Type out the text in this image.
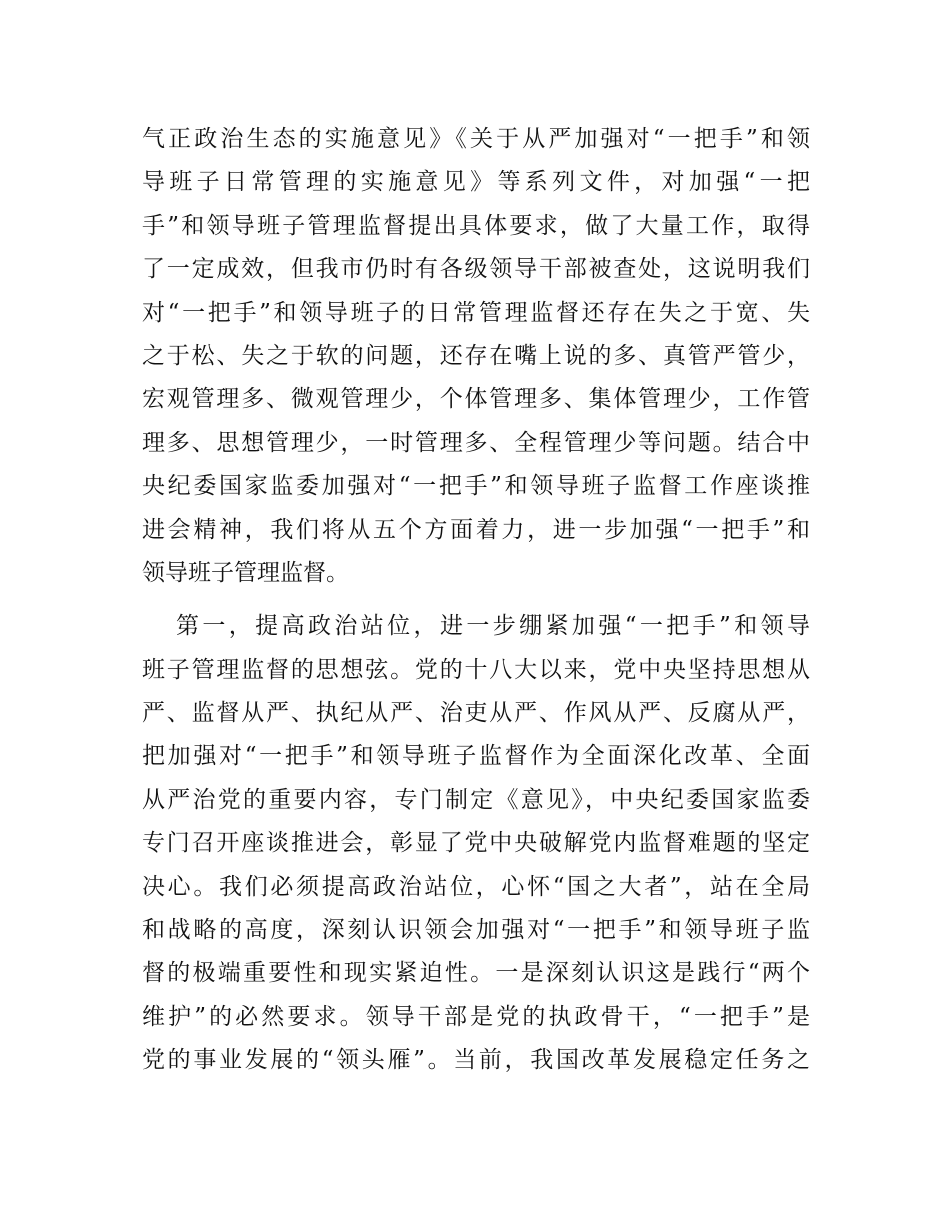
气正政治生态的实施意见》《关于从严加强对“一把手”和领
导班子日常管理的实施意见》等系列文件，对加强“一把
手”和领导班子管理监督提出具体要求，做了大量工作，取得
了一定成效，但我市仍时有各级领导干部被查处，这说明我们
对“一把手”和领导班子的日常管理监督还存在失之于宽、失
之于松、失之于软的问题，还存在嘴上说的多、真管严管少，
宏观管理多、微观管理少，个体管理多、集体管理少，工作管
理多、思想管理少，一时管理多、全程管理少等问题。结合中
央纪委国家监委加强对“一把手”和领导班子监督工作座谈推
进会精神，我们将从五个方面着力，进一步加强“一把手”和
领导班子管理监督。
第一，提高政治站位，进一步绷紧加强“一把手”和领导
班子管理监督的思想弦。党的十八大以来，党中央坚持思想从
严、监督从严、执纪从严、治吏从严、作风从严、反腐从严，
把加强对“一把手”和领导班子监督作为全面深化改革、全面
从严治党的重要内容，专门制定《意见》，中央纪委国家监委
专门召开座谈推进会，彰显了党中央破解党内监督难题的坚定
决心。我们必须提高政治站位，心怀“国之大者”，站在全局
和战略的高度，深刻认识领会加强对“一把手”和领导班子监
督的极端重要性和现实紧迫性。一是深刻认识这是践行“两个
维护”的必然要求。领导干部是党的执政骨干，“一把手”是
党的事业发展的“领头雁”。当前，我国改革发展稳定任务之
